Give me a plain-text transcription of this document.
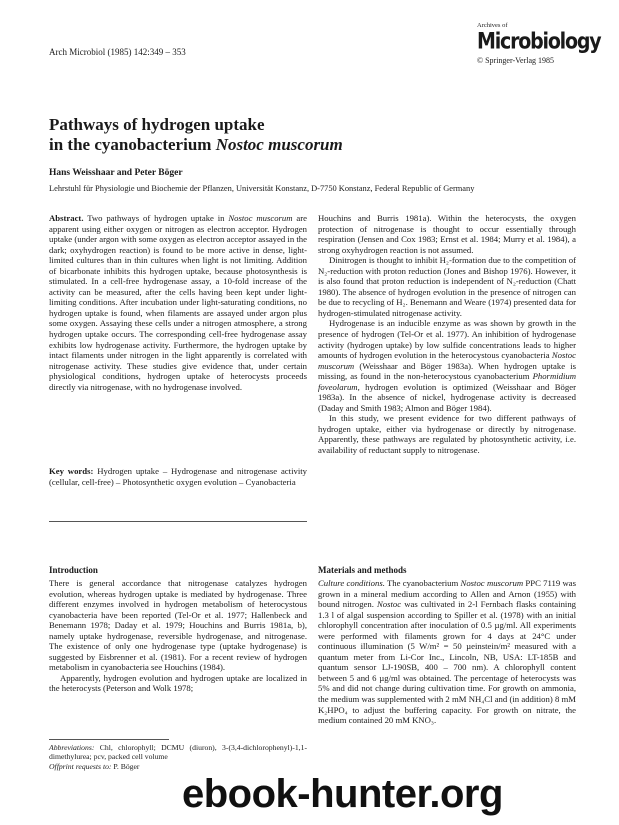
Arch Microbiol (1985) 142:349 – 353
Archives of
Microbiology
© Springer-Verlag 1985
Pathways of hydrogen uptake
in the cyanobacterium Nostoc muscorum
Hans Weisshaar and Peter Böger
Lehrstuhl für Physiologie und Biochemie der Pflanzen, Universität Konstanz, D-7750 Konstanz, Federal Republic of Germany

Abstract. Two pathways of hydrogen uptake in Nostoc muscorum are apparent using either oxygen or nitrogen as electron acceptor. Hydrogen uptake (under argon with some oxygen as electron acceptor assayed in the dark; oxyhydrogen reaction) is found to be more active in dense, light-limited cultures than in thin cultures when light is not limiting. Addition of bicarbonate inhibits this hydrogen uptake, because photosynthesis is stimulated. In a cell-free hydrogenase assay, a 10-fold increase of the activity can be measured, after the cells having been kept under light-limiting conditions. After incubation under light-saturating conditions, no hydrogen uptake is found, when filaments are assayed under argon plus some oxygen. Assaying these cells under a nitrogen atmosphere, a strong hydrogen uptake occurs. The corresponding cell-free hydrogenase assay exhibits low hydrogenase activity. Furthermore, the hydrogen uptake by intact filaments under nitrogen in the light apparently is correlated with nitrogenase activity. These studies give evidence that, under certain physiological conditions, hydrogen uptake of heterocysts proceeds directly via nitrogenase, with no hydrogenase involved.

Key words: Hydrogen uptake – Hydrogenase and nitrogenase activity (cellular, cell-free) – Photosynthetic oxygen evolution – Cyanobacteria

Houchins and Burris 1981a). Within the heterocysts, the oxygen protection of nitrogenase is thought to occur essentially through respiration (Jensen and Cox 1983; Ernst et al. 1984; Murry et al. 1984), a strong oxyhydrogen reaction is not assumed.

Dinitrogen is thought to inhibit H₂-formation due to the competition of N₂-reduction with proton reduction (Jones and Bishop 1976). However, it is also found that proton reduction is independent of N₂-reduction (Chatt 1980). The absence of hydrogen evolution in the presence of nitrogen can be due to recycling of H₂. Benemann and Weare (1974) presented data for hydrogen-stimulated nitrogenase activity.

Hydrogenase is an inducible enzyme as was shown by growth in the presence of hydrogen (Tel-Or et al. 1977). An inhibition of hydrogenase activity (hydrogen uptake) by low sulfide concentrations leads to higher amounts of hydrogen evolution in the heterocystous cyanobacteria Nostoc muscorum (Weisshaar and Böger 1983a). When hydrogen uptake is missing, as found in the non-heterocystous cyanobacterium Phormidium foveolarum, hydrogen evolution is optimized (Weisshaar and Böger 1983a). In the absence of nickel, hydrogenase activity is decreased (Daday and Smith 1983; Almon and Böger 1984).

In this study, we present evidence for two different pathways of hydrogen uptake, either via hydrogenase or directly by nitrogenase. Apparently, these pathways are regulated by photosynthetic activity, i.e. availability of reductant supply to nitrogenase.

Introduction

There is general accordance that nitrogenase catalyzes hydrogen evolution, whereas hydrogen uptake is mediated by hydrogenase. Three different enzymes involved in hydrogen metabolism of heterocystous cyanobacteria have been reported (Tel-Or et al. 1977; Hallenbeck and Benemann 1978; Daday et al. 1979; Houchins and Burris 1981a, b), namely uptake hydrogenase, reversible hydrogenase, and nitrogenase. The existence of only one hydrogenase type (uptake hydrogenase) is suggested by Eisbrenner et al. (1981). For a recent review of hydrogen metabolism in cyanobacteria see Houchins (1984).

Apparently, hydrogen evolution and hydrogen uptake are localized in the heterocysts (Peterson and Wolk 1978;

Materials and methods

Culture conditions. The cyanobacterium Nostoc muscorum PPC 7119 was grown in a mineral medium according to Allen and Arnon (1955) with bound nitrogen. Nostoc was cultivated in 2-l Fernbach flasks containing 1.3 l of algal suspension according to Spiller et al. (1978) with an initial chlorophyll concentration after inoculation of 0.5 µg/ml. All experiments were performed with filaments grown for 4 days at 24°C under continuous illumination (5 W/m² = 50 µeinstein/m² measured with a quantum meter from Li-Cor Inc., Lincoln, NB, USA: LT-185B and quantum sensor LJ-190SB, 400 – 700 nm). A chlorophyll content between 5 and 6 µg/ml was obtained. The percentage of heterocysts was 5% and did not change during cultivation time. For growth on ammonia, the medium was supplemented with 2 mM NH₄Cl and (in addition) 8 mM K₂HPO₄ to adjust the buffering capacity. For growth on nitrate, the medium contained 20 mM KNO₃.

Abbreviations: Chl, chlorophyll; DCMU (diuron), 3-(3,4-dichlorophenyl)-1,1-dimethylurea; pcv, packed cell volume
Offprint requests to: P. Böger
ebook-hunter.org
